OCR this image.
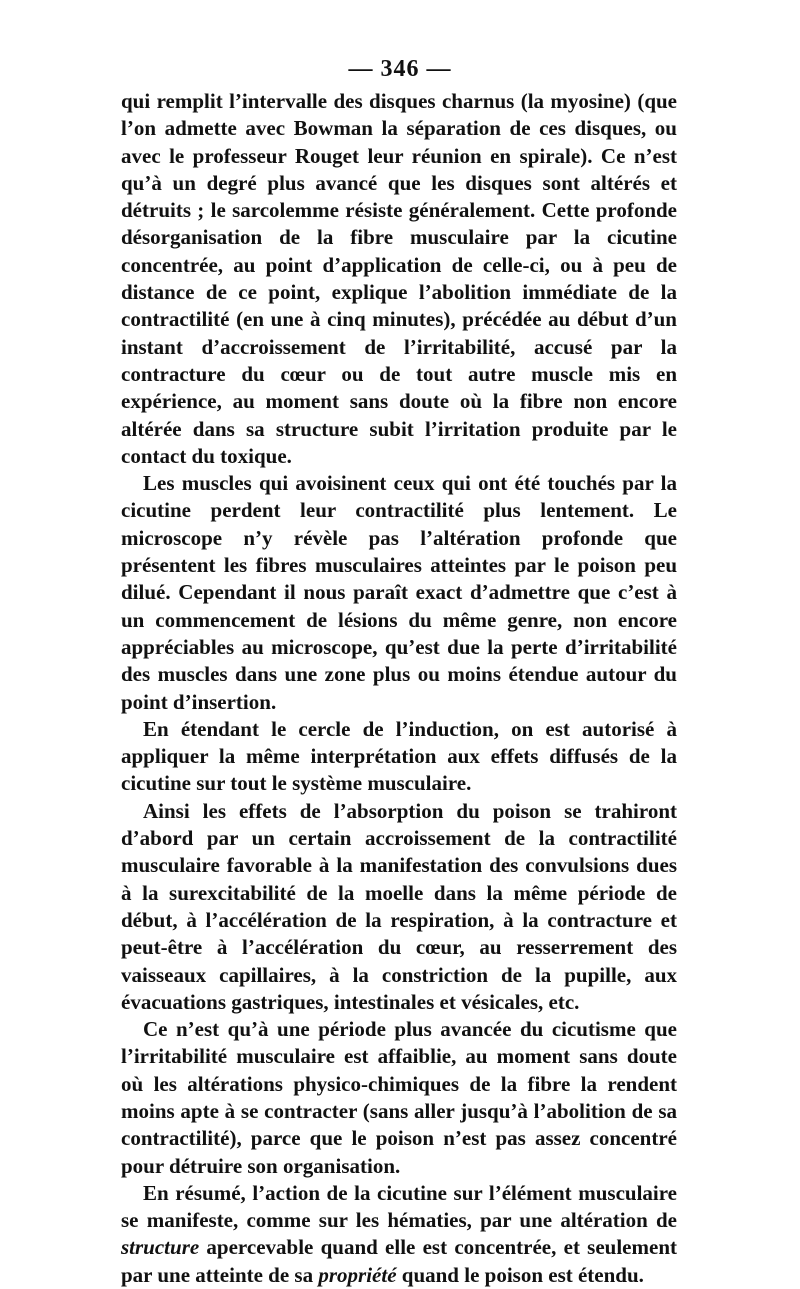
— 346 —

qui remplit l’intervalle des disques charnus (la myosine) (que l’on admette avec Bowman la séparation de ces disques, ou avec le professeur Rouget leur réunion en spirale). Ce n’est qu’à un degré plus avancé que les disques sont altérés et détruits ; le sarcolemme résiste généralement. Cette profonde désorganisation de la fibre musculaire par la cicutine concentrée, au point d’application de celle-ci, ou à peu de distance de ce point, explique l’abolition immédiate de la contractilité (en une à cinq minutes), précédée au début d’un instant d’accroissement de l’irritabilité, accusé par la contracture du cœur ou de tout autre muscle mis en expérience, au moment sans doute où la fibre non encore altérée dans sa structure subit l’irritation produite par le contact du toxique.

Les muscles qui avoisinent ceux qui ont été touchés par la cicutine perdent leur contractilité plus lentement. Le microscope n’y révèle pas l’altération profonde que présentent les fibres musculaires atteintes par le poison peu dilué. Cependant il nous paraît exact d’admettre que c’est à un commencement de lésions du même genre, non encore appréciables au microscope, qu’est due la perte d’irritabilité des muscles dans une zone plus ou moins étendue autour du point d’insertion.

En étendant le cercle de l’induction, on est autorisé à appliquer la même interprétation aux effets diffusés de la cicutine sur tout le système musculaire.

Ainsi les effets de l’absorption du poison se trahiront d’abord par un certain accroissement de la contractilité musculaire favorable à la manifestation des convulsions dues à la surexcitabilité de la moelle dans la même période de début, à l’accélération de la respiration, à la contracture et peut-être à l’accélération du cœur, au resserrement des vaisseaux capillaires, à la constriction de la pupille, aux évacuations gastriques, intestinales et vésicales, etc.

Ce n’est qu’à une période plus avancée du cicutisme que l’irritabilité musculaire est affaiblie, au moment sans doute où les altérations physico-chimiques de la fibre la rendent moins apte à se contracter (sans aller jusqu’à l’abolition de sa contractilité), parce que le poison n’est pas assez concentré pour détruire son organisation.

En résumé, l’action de la cicutine sur l’élément musculaire se manifeste, comme sur les hématies, par une altération de structure apercevable quand elle est concentrée, et seulement par une atteinte de sa propriété quand le poison est étendu.
